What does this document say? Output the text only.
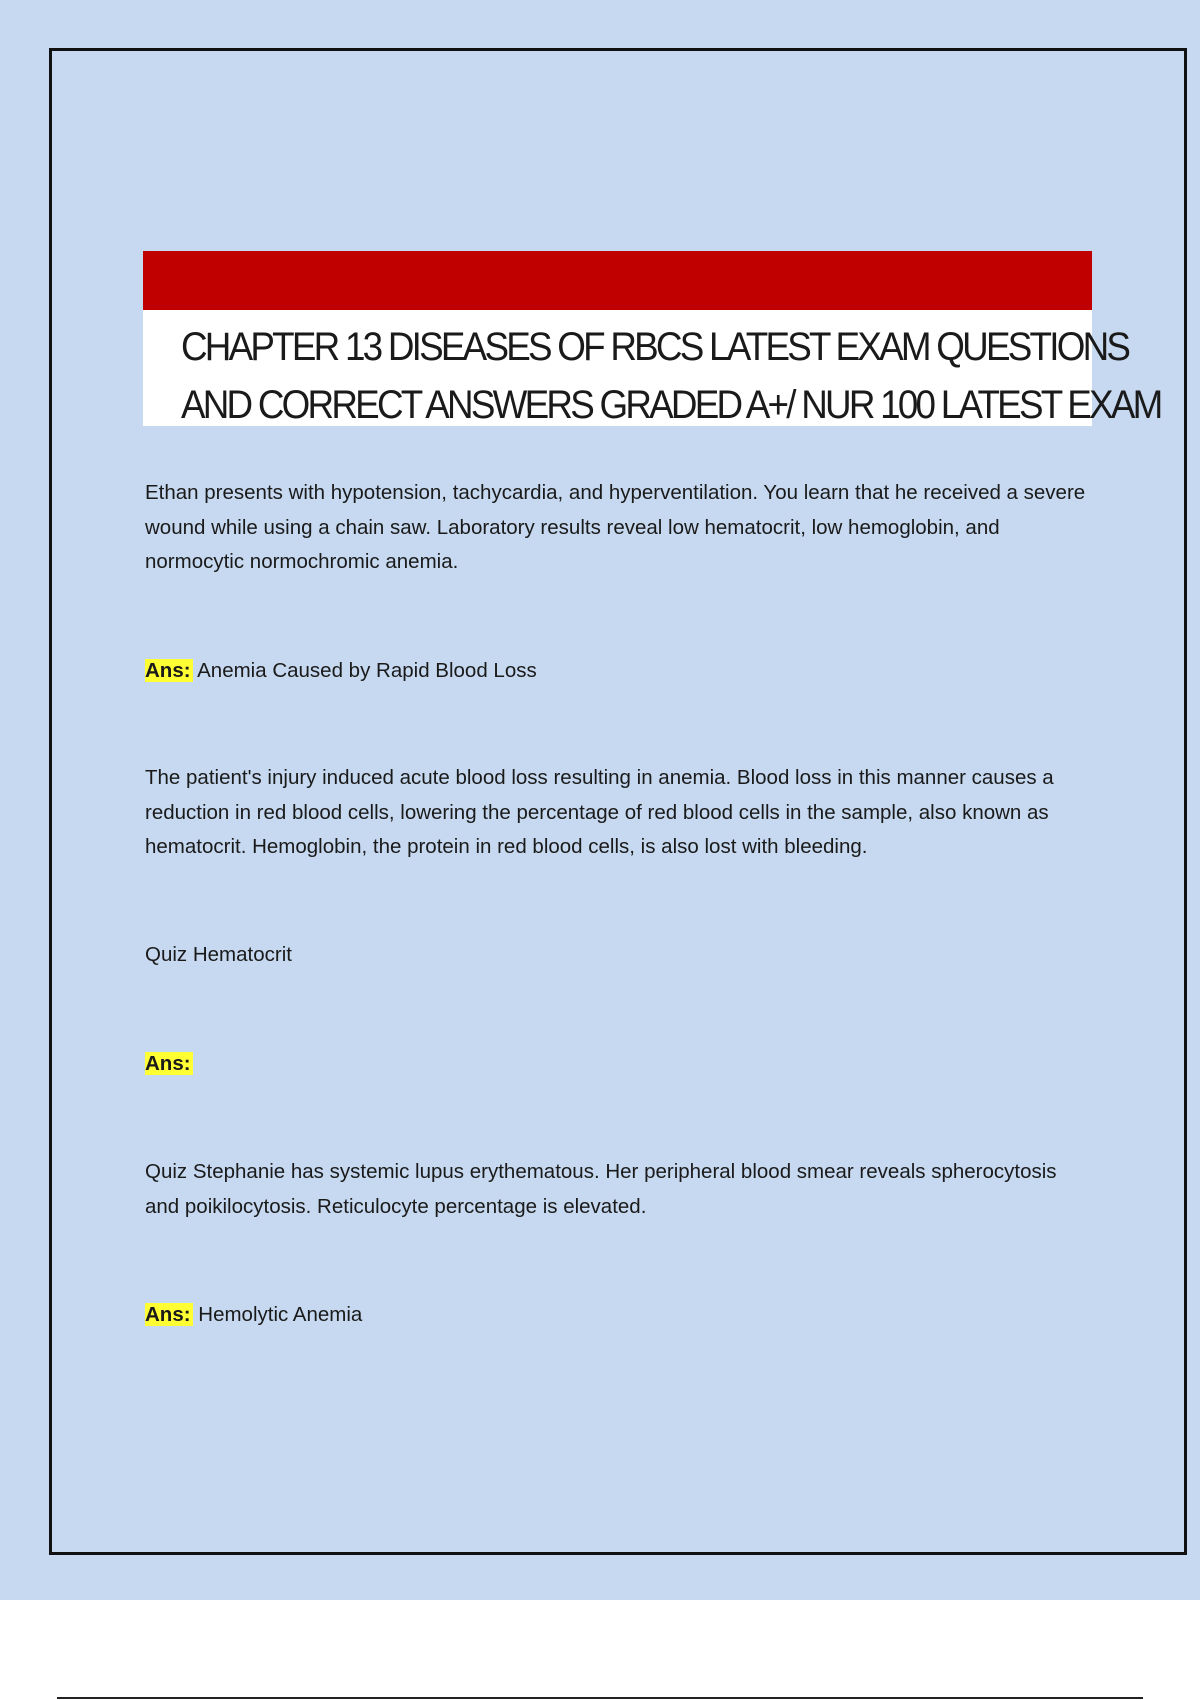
CHAPTER 13 DISEASES OF RBCS LATEST EXAM QUESTIONS
AND CORRECT ANSWERS GRADED A+/ NUR 100 LATEST EXAM

Ethan presents with hypotension, tachycardia, and hyperventilation. You learn that he received a severe wound while using a chain saw. Laboratory results reveal low hematocrit, low hemoglobin, and normocytic normochromic anemia.

Ans: Anemia Caused by Rapid Blood Loss

The patient's injury induced acute blood loss resulting in anemia. Blood loss in this manner causes a reduction in red blood cells, lowering the percentage of red blood cells in the sample, also known as hematocrit. Hemoglobin, the protein in red blood cells, is also lost with bleeding.

Quiz Hematocrit

Ans:

Quiz Stephanie has systemic lupus erythematous. Her peripheral blood smear reveals spherocytosis and poikilocytosis. Reticulocyte percentage is elevated.

Ans: Hemolytic Anemia
